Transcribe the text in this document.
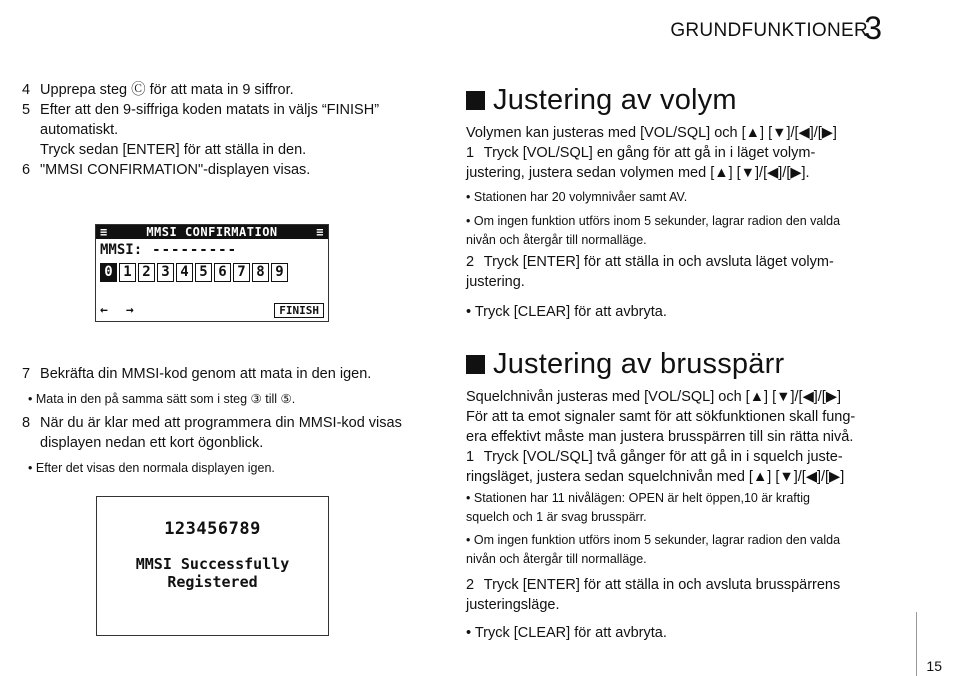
GRUNDFUNKTIONER
3
4 Upprepa steg Ⓒ för att mata in 9 siffror.
5 Efter att den 9-siffriga koden matats in väljs “FINISH”
automatiskt.
Tryck sedan [ENTER] för att ställa in den.
6 "MMSI CONFIRMATION"-displayen visas.
≡	MMSI CONFIRMATION	≡
MMSI: ---------
0 1 2 3 4 5 6 7 8 9
← →	FINISH
7 Bekräfta din MMSI-kod genom att mata in den igen.
• Mata in den på samma sätt som i steg ③ till ⑤.
8 När du är klar med att programmera din MMSI-kod visas
displayen nedan ett kort ögonblick.
• Efter det visas den normala displayen igen.
123456789
MMSI Successfully
Registered
Justering av volym
Volymen kan justeras med [VOL/SQL] och [▲] [▼]/[◀]/[▶]
1 Tryck [VOL/SQL] en gång för att gå in i läget volym-
justering, justera sedan volymen med [▲] [▼]/[◀]/[▶].
• Stationen har 20 volymnivåer samt AV.
• Om ingen funktion utförs inom 5 sekunder, lagrar radion den valda
nivån och återgår till normalläge.
2 Tryck [ENTER] för att ställa in och avsluta läget volym-
justering.
• Tryck [CLEAR] för att avbryta.
Justering av brusspärr
Squelchnivån justeras med [VOL/SQL] och [▲] [▼]/[◀]/[▶]
För att ta emot signaler samt för att sökfunktionen skall fung-
era effektivt måste man justera brusspärren till sin rätta nivå.
1 Tryck [VOL/SQL] två gånger för att gå in i squelch juste-
ringsläget, justera sedan squelchnivån med [▲] [▼]/[◀]/[▶]
• Stationen har 11 nivålägen: OPEN är helt öppen,10 är kraftig
squelch och 1 är svag brusspärr.
• Om ingen funktion utförs inom 5 sekunder, lagrar radion den valda
nivån och återgår till normalläge.
2 Tryck [ENTER] för att ställa in och avsluta brusspärrens
justeringsläge.
• Tryck [CLEAR] för att avbryta.
15
